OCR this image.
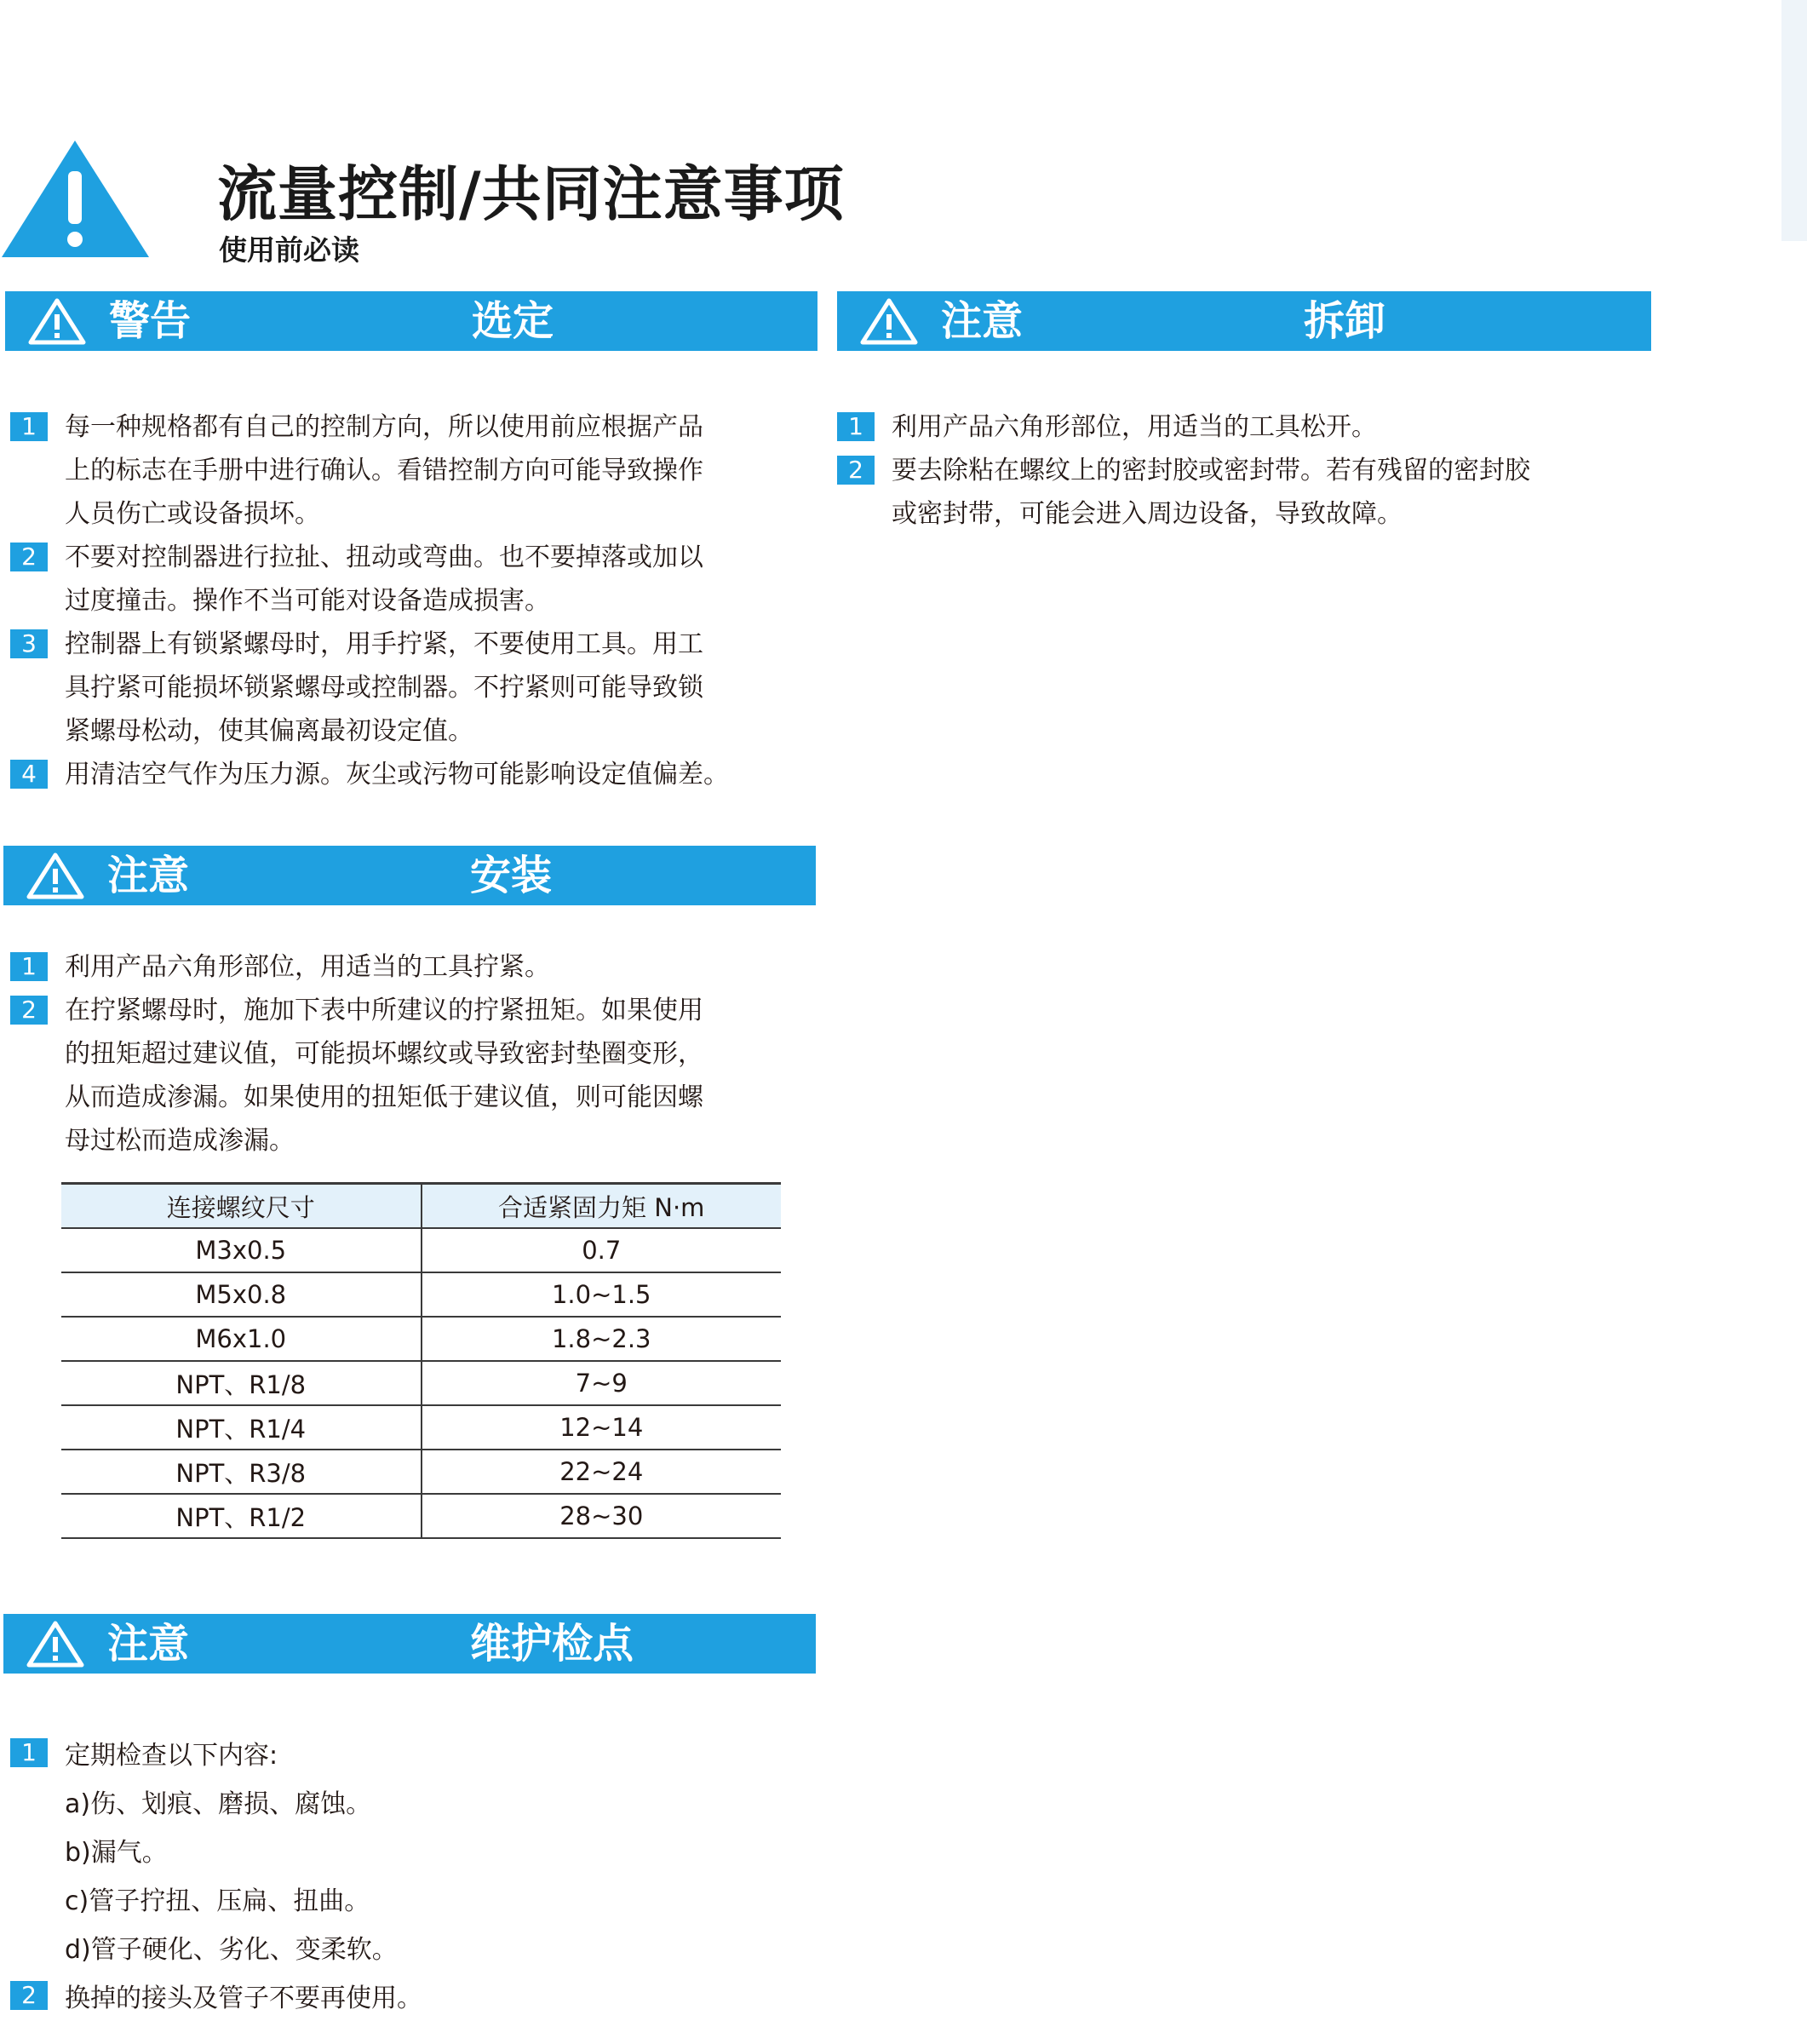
流量控制/共同注意事项
使用前必读
警告	选定
1	每一种规格都有自己的控制方向，所以使用前应根据产品
上的标志在手册中进行确认。看错控制方向可能导致操作
人员伤亡或设备损坏。
2	不要对控制器进行拉扯、扭动或弯曲。也不要掉落或加以
过度撞击。操作不当可能对设备造成损害。
3	控制器上有锁紧螺母时，用手拧紧，不要使用工具。用工
具拧紧可能损坏锁紧螺母或控制器。不拧紧则可能导致锁
紧螺母松动，使其偏离最初设定值。
4	用清洁空气作为压力源。灰尘或污物可能影响设定值偏差。
注意	安装
1	利用产品六角形部位，用适当的工具拧紧。
2	在拧紧螺母时，施加下表中所建议的拧紧扭矩。如果使用
的扭矩超过建议值，可能损坏螺纹或导致密封垫圈变形，
从而造成渗漏。如果使用的扭矩低于建议值，则可能因螺
母过松而造成渗漏。
连接螺纹尺寸	合适紧固力矩 N·m
M3x0.5	0.7
M5x0.8	1.0~1.5
M6x1.0	1.8~2.3
NPT、R1/8	7~9
NPT、R1/4	12~14
NPT、R3/8	22~24
NPT、R1/2	28~30
注意	维护检点
1	定期检查以下内容:
a)伤、划痕、磨损、腐蚀。
b)漏气。
c)管子拧扭、压扁、扭曲。
d)管子硬化、劣化、变柔软。
2	换掉的接头及管子不要再使用。
注意	拆卸
1	利用产品六角形部位，用适当的工具松开。
2	要去除粘在螺纹上的密封胶或密封带。若有残留的密封胶
或密封带，可能会进入周边设备，导致故障。
